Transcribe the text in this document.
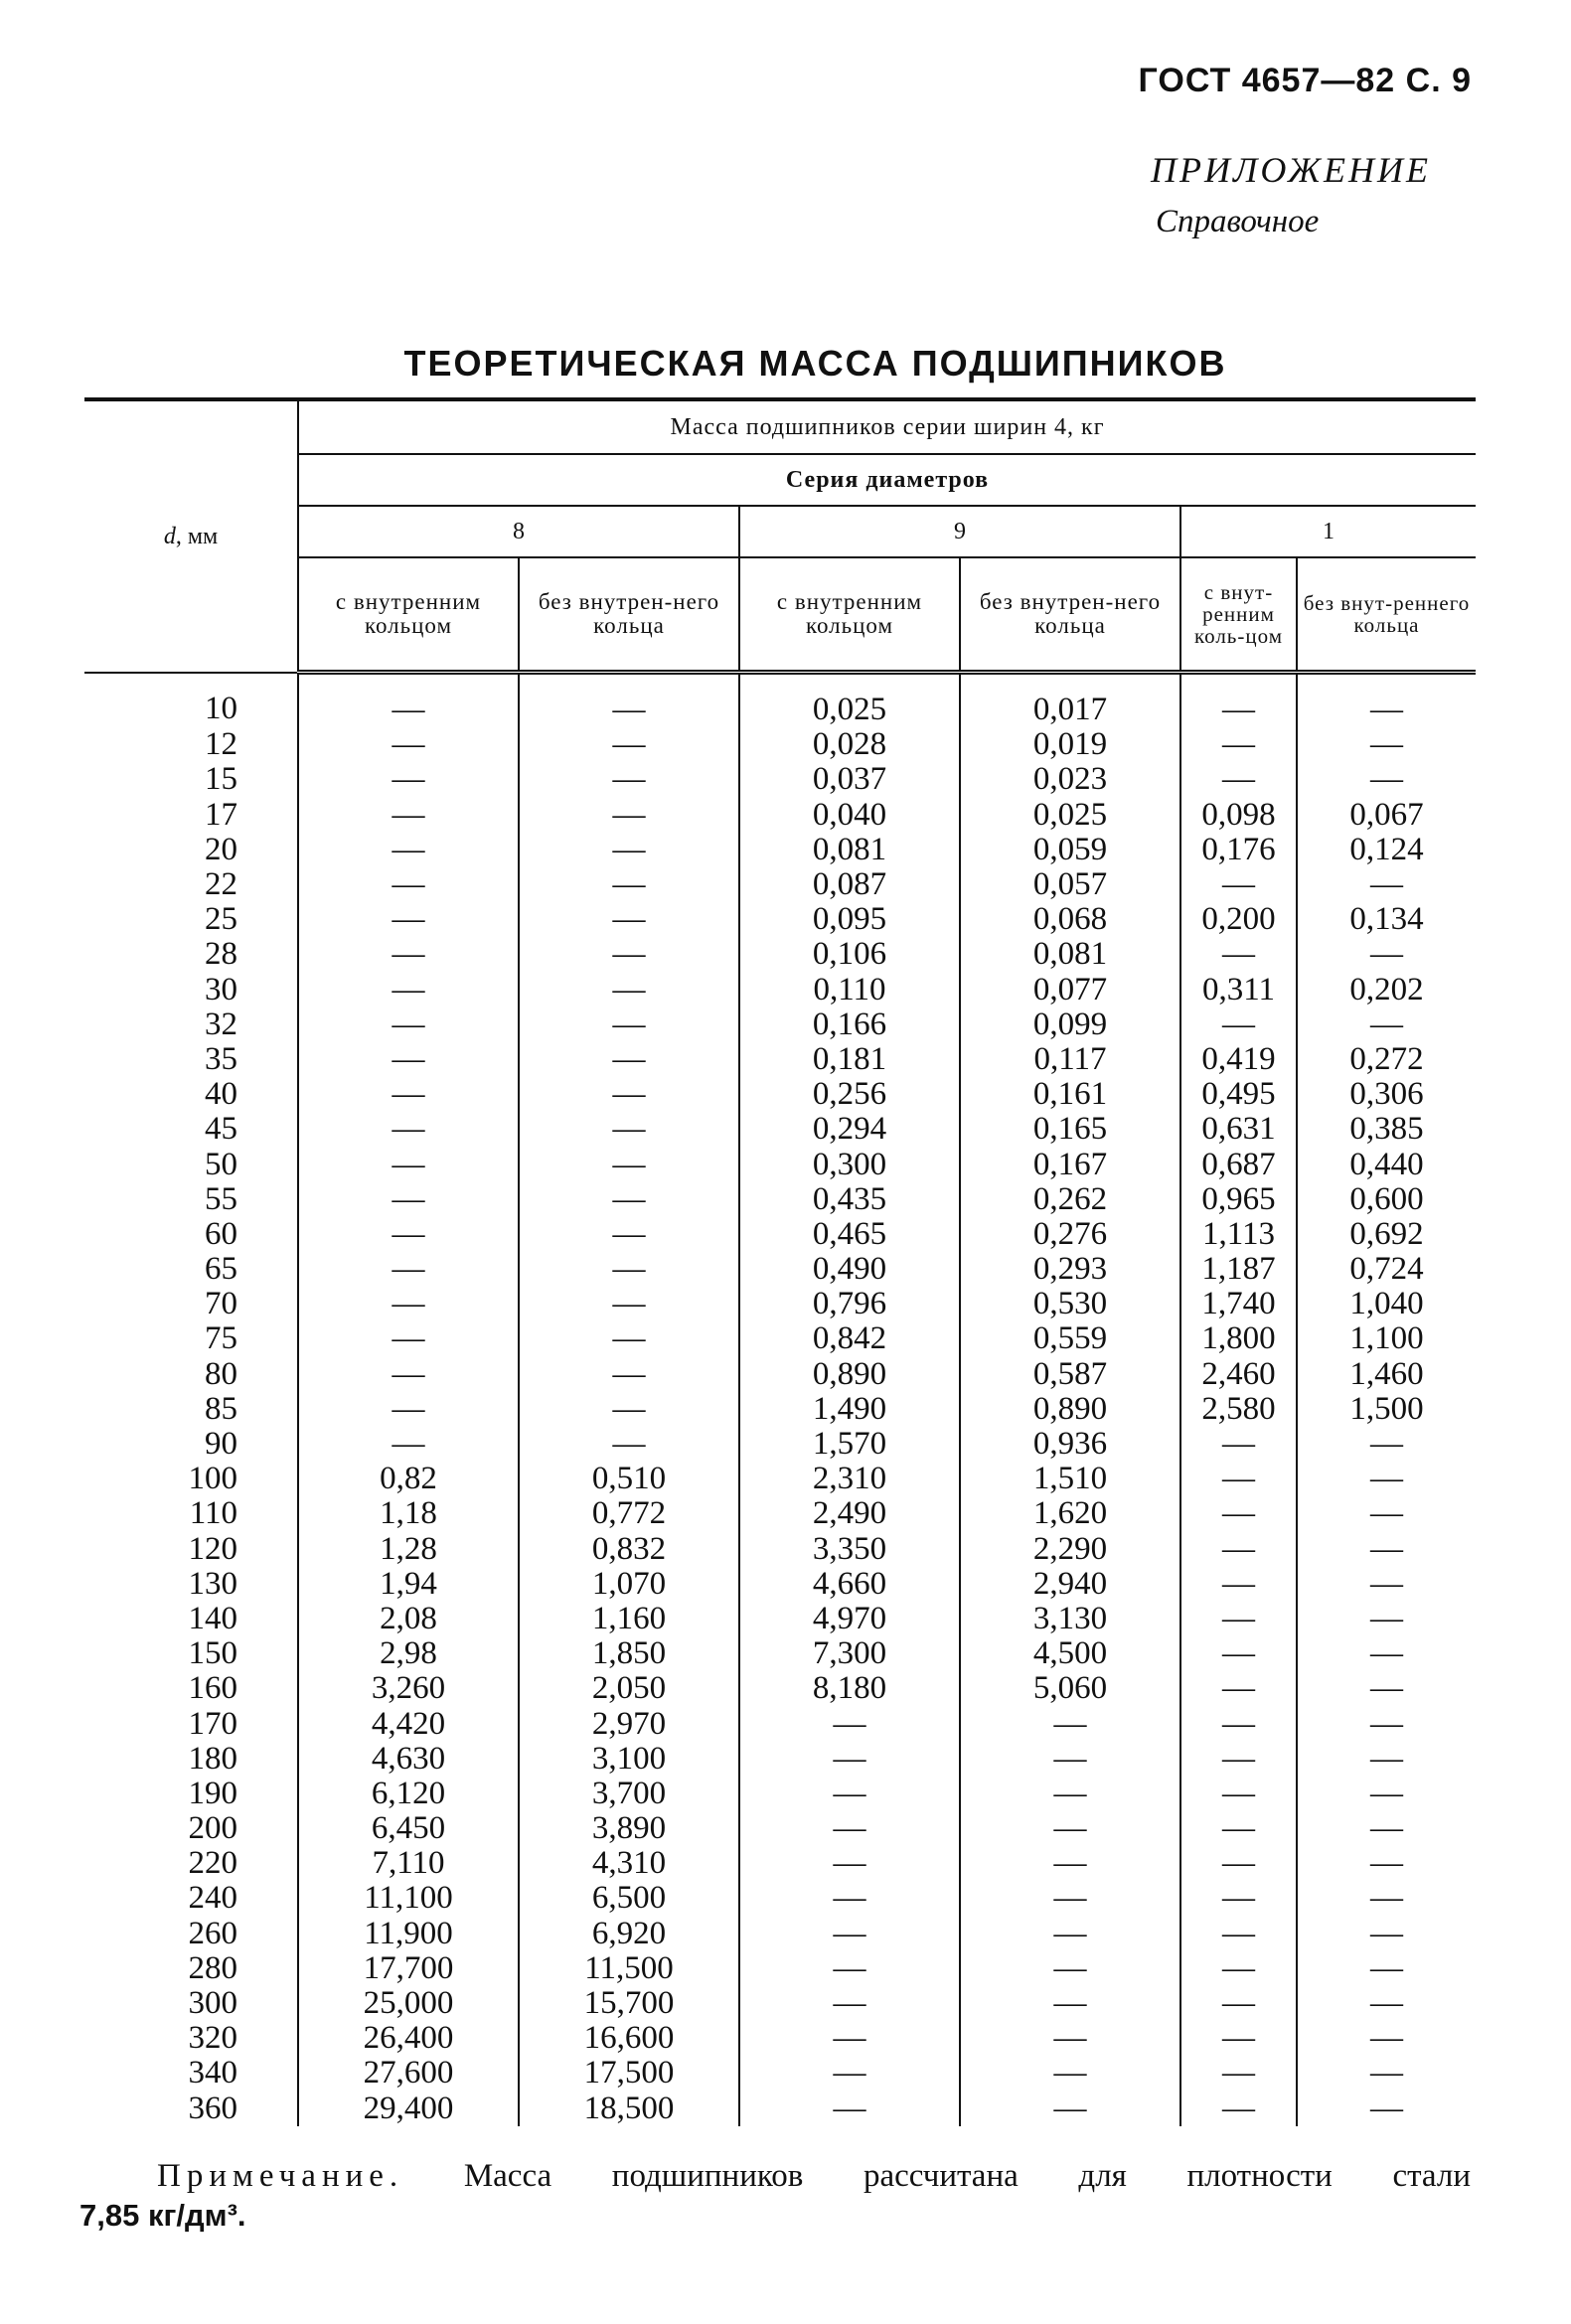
ГОСТ 4657—82 С. 9
ПРИЛОЖЕНИЕ
Справочное
ТЕОРЕТИЧЕСКАЯ МАССА ПОДШИПНИКОВ
d, мм	Масса подшипников серии ширин 4, кг					
	Серия диаметров					
	8		9		1	
	с внутренним кольцом	без внутрен-него кольца	с внутренним кольцом	без внутрен-него кольца	с внут-ренним коль-цом	без внут-реннего кольца
10	—	—	0,025	0,017	—	—
12	—	—	0,028	0,019	—	—
15	—	—	0,037	0,023	—	—
17	—	—	0,040	0,025	0,098	0,067
20	—	—	0,081	0,059	0,176	0,124
22	—	—	0,087	0,057	—	—
25	—	—	0,095	0,068	0,200	0,134
28	—	—	0,106	0,081	—	—
30	—	—	0,110	0,077	0,311	0,202
32	—	—	0,166	0,099	—	—
35	—	—	0,181	0,117	0,419	0,272
40	—	—	0,256	0,161	0,495	0,306
45	—	—	0,294	0,165	0,631	0,385
50	—	—	0,300	0,167	0,687	0,440
55	—	—	0,435	0,262	0,965	0,600
60	—	—	0,465	0,276	1,113	0,692
65	—	—	0,490	0,293	1,187	0,724
70	—	—	0,796	0,530	1,740	1,040
75	—	—	0,842	0,559	1,800	1,100
80	—	—	0,890	0,587	2,460	1,460
85	—	—	1,490	0,890	2,580	1,500
90	—	—	1,570	0,936	—	—
100	0,82	0,510	2,310	1,510	—	—
110	1,18	0,772	2,490	1,620	—	—
120	1,28	0,832	3,350	2,290	—	—
130	1,94	1,070	4,660	2,940	—	—
140	2,08	1,160	4,970	3,130	—	—
150	2,98	1,850	7,300	4,500	—	—
160	3,260	2,050	8,180	5,060	—	—
170	4,420	2,970	—	—	—	—
180	4,630	3,100	—	—	—	—
190	6,120	3,700	—	—	—	—
200	6,450	3,890	—	—	—	—
220	7,110	4,310	—	—	—	—
240	11,100	6,500	—	—	—	—
260	11,900	6,920	—	—	—	—
280	17,700	11,500	—	—	—	—
300	25,000	15,700	—	—	—	—
320	26,400	16,600	—	—	—	—
340	27,600	17,500	—	—	—	—
360	29,400	18,500	—	—	—	—
Примечание. Масса подшипников рассчитана для плотности стали
7,85 кг/дм³.
